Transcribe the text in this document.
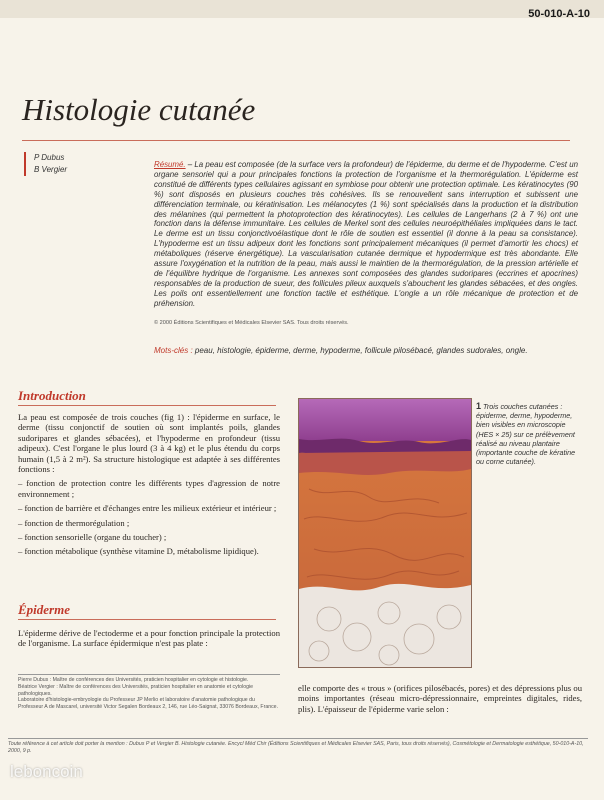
50-010-A-10
Histologie cutanée
P Dubus
B Vergier
Résumé. – La peau est composée (de la surface vers la profondeur) de l'épiderme, du derme et de l'hypoderme. C'est un organe sensoriel qui a pour principales fonctions la protection de l'organisme et la thermorégulation. L'épiderme est constitué de différents types cellulaires agissant en symbiose pour obtenir une protection optimale. Les kératinocytes (90 %) sont disposés en plusieurs couches très cohésives. Ils se renouvellent sans interruption et subissent une différenciation terminale, ou kératinisation. Les mélanocytes (1 %) sont spécialisés dans la production et la distribution des mélanines (qui permettent la photoprotection des kératinocytes). Les cellules de Langerhans (2 à 7 %) ont une fonction dans la défense immunitaire. Les cellules de Merkel sont des cellules neuroépithéliales impliquées dans le tact. Le derme est un tissu conjonctivoélastique dont le rôle de soutien est essentiel (il donne à la peau sa consistance). L'hypoderme est un tissu adipeux dont les fonctions sont principalement mécaniques (il permet d'amortir les chocs) et métaboliques (réserve énergétique). La vascularisation cutanée dermique et hypodermique est très abondante. Elle assure l'oxygénation et la nutrition de la peau, mais aussi le maintien de la thermorégulation, de la pression artérielle et de l'équilibre hydrique de l'organisme. Les annexes sont composées des glandes sudoripares (eccrines et apocrines) responsables de la production de sueur, des follicules pileux auxquels s'abouchent les glandes sébacées, et des ongles. Les poils ont essentiellement une fonction tactile et esthétique. L'ongle a un rôle mécanique de protection et de préhension.
© 2000 Éditions Scientifiques et Médicales Elsevier SAS. Tous droits réservés.
Mots-clés : peau, histologie, épiderme, derme, hypoderme, follicule pilosébacé, glandes sudorales, ongle.
Introduction

La peau est composée de trois couches (fig 1) : l'épiderme en surface, le derme (tissu conjonctif de soutien où sont implantés poils, glandes sudoripares et glandes sébacées), et l'hypoderme en profondeur (tissu adipeux). C'est l'organe le plus lourd (3 à 4 kg) et le plus étendu du corps humain (1,5 à 2 m²). Sa structure histologique est adaptée à ses différentes fonctions :

– fonction de protection contre les différents types d'agression de notre environnement ;

– fonction de barrière et d'échanges entre les milieux extérieur et intérieur ;

– fonction de thermorégulation ;

– fonction sensorielle (organe du toucher) ;

– fonction métabolique (synthèse vitamine D, métabolisme lipidique).

Épiderme

L'épiderme dérive de l'ectoderme et a pour fonction principale la protection de l'organisme. La surface épidermique n'est pas plate :

1 Trois couches cutanées : épiderme, derme, hypoderme, bien visibles en microscopie (HES × 25) sur ce prélèvement réalisé au niveau plantaire (importante couche de kératine ou corne cutanée).
Pierre Dubus : Maître de conférences des Universités, praticien hospitalier en cytologie et histologie.
Béatrice Vergier : Maître de conférences des Universités, praticien hospitalier en anatomie et cytologie pathologiques.
Laboratoire d'histologie-embryologie du Professeur JP Merlio et laboratoire d'anatomie pathologique du Professeur A de Mascarel, université Victor Segalen Bordeaux 2, 146, rue Léo-Saignat, 33076 Bordeaux, France.
elle comporte des « trous » (orifices pilosébacés, pores) et des dépressions plus ou moins importantes (réseau micro-dépressionnaire, empreintes digitales, rides, plis). L'épaisseur de l'épiderme varie selon :
Toute référence à cet article doit porter la mention : Dubus P et Vergier B. Histologie cutanée. Encycl Méd Chir (Éditions Scientifiques et Médicales Elsevier SAS, Paris, tous droits réservés), Cosmétologie et Dermatologie esthétique, 50-010-A-10, 2000, 9 p.
leboncoin
